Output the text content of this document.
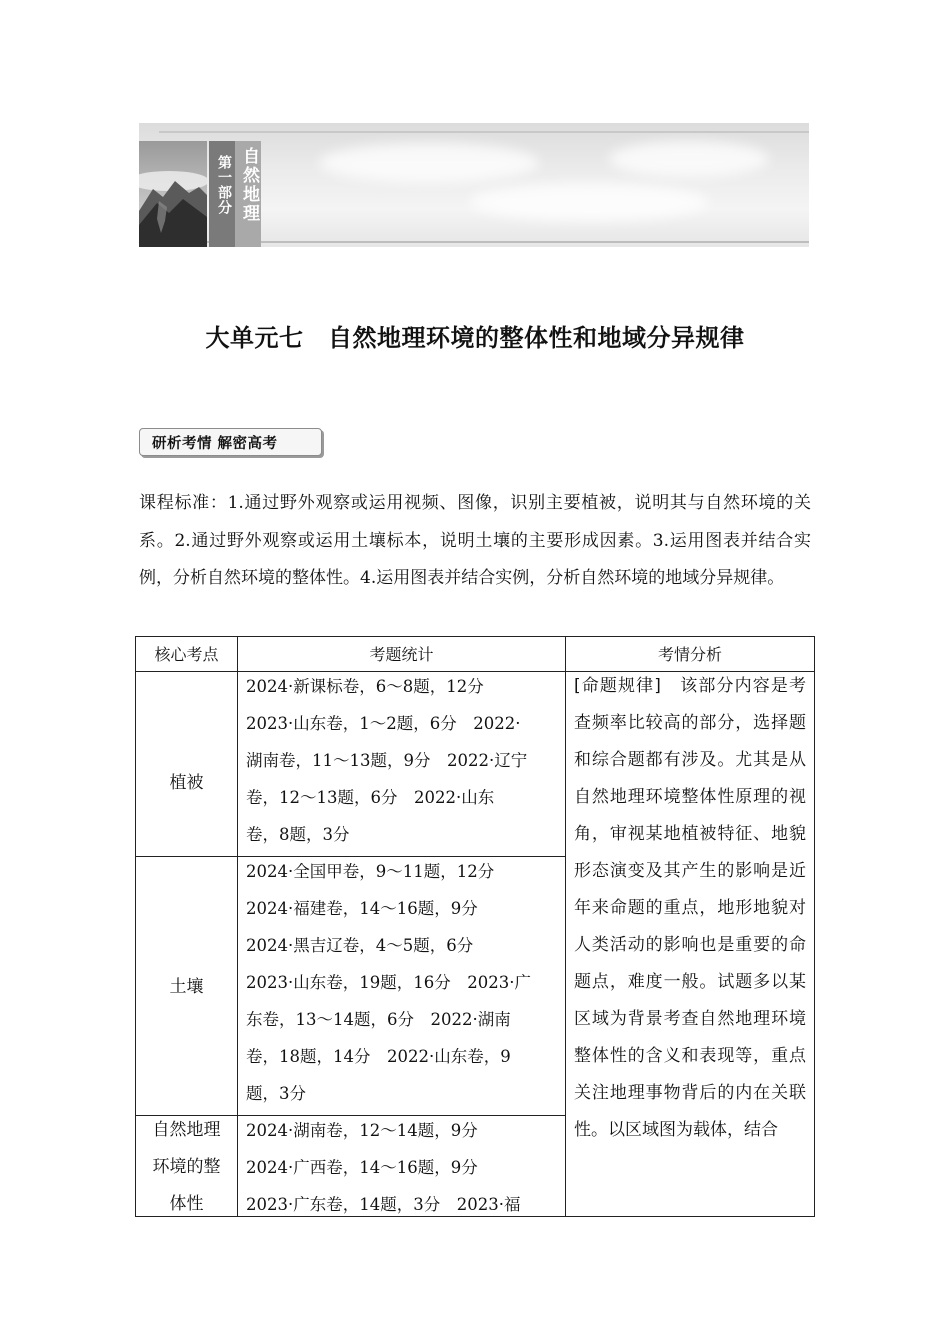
第一部分 自然地理
大单元七　自然地理环境的整体性和地域分异规律
研析考情 解密高考
课程标准：1.通过野外观察或运用视频、图像，识别主要植被，说明其与自然环境的关系。2.通过野外观察或运用土壤标本，说明土壤的主要形成因素。3.运用图表并结合实例，分析自然环境的整体性。4.运用图表并结合实例，分析自然环境的地域分异规律。
核心考点	考题统计	考情分析
植被
2024·新课标卷，6～8题，12分
2023·山东卷，1～2题，6分　2022·
湖南卷，11～13题，9分　2022·辽宁
卷，12～13题，6分　2022·山东
卷，8题，3分
土壤
2024·全国甲卷，9～11题，12分
2024·福建卷，14～16题，9分
2024·黑吉辽卷，4～5题，6分
2023·山东卷，19题，16分　2023·广
东卷，13～14题，6分　2022·湖南
卷，18题，14分　2022·山东卷，9
题，3分
自然地理
环境的整
体性
2024·湖南卷，12～14题，9分
2024·广西卷，14～16题，9分
2023·广东卷，14题，3分　2023·福
[命题规律]　该部分内容是考查频率比较高的部分，选择题和综合题都有涉及。尤其是从自然地理环境整体性原理的视角，审视某地植被特征、地貌形态演变及其产生的影响是近年来命题的重点，地形地貌对人类活动的影响也是重要的命题点，难度一般。试题多以某区域为背景考查自然地理环境整体性的含义和表现等，重点关注地理事物背后的内在关联性。以区域图为载体，结合
